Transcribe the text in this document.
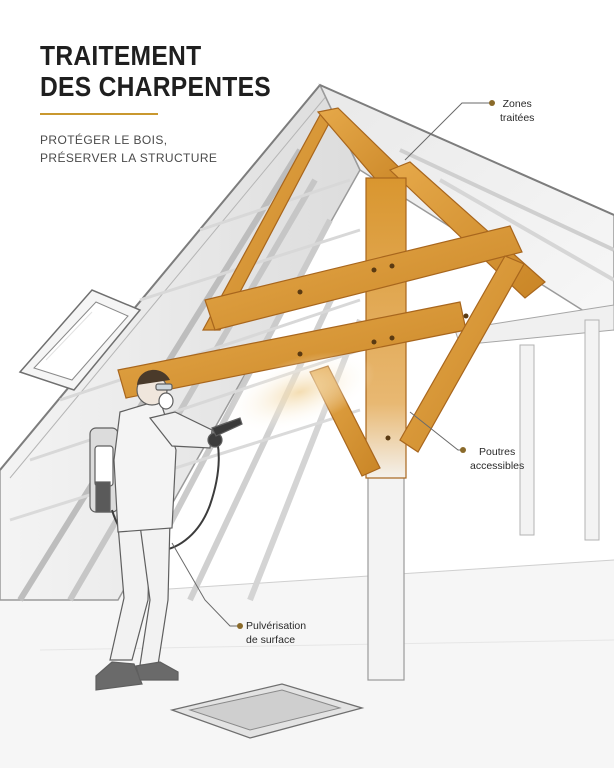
TRAITEMENT
DES CHARPENTES

PROTÉGER LE BOIS,
PRÉSERVER LA STRUCTURE

Zones
traitées
Poutres
accessibles
Pulvérisation
de surface
